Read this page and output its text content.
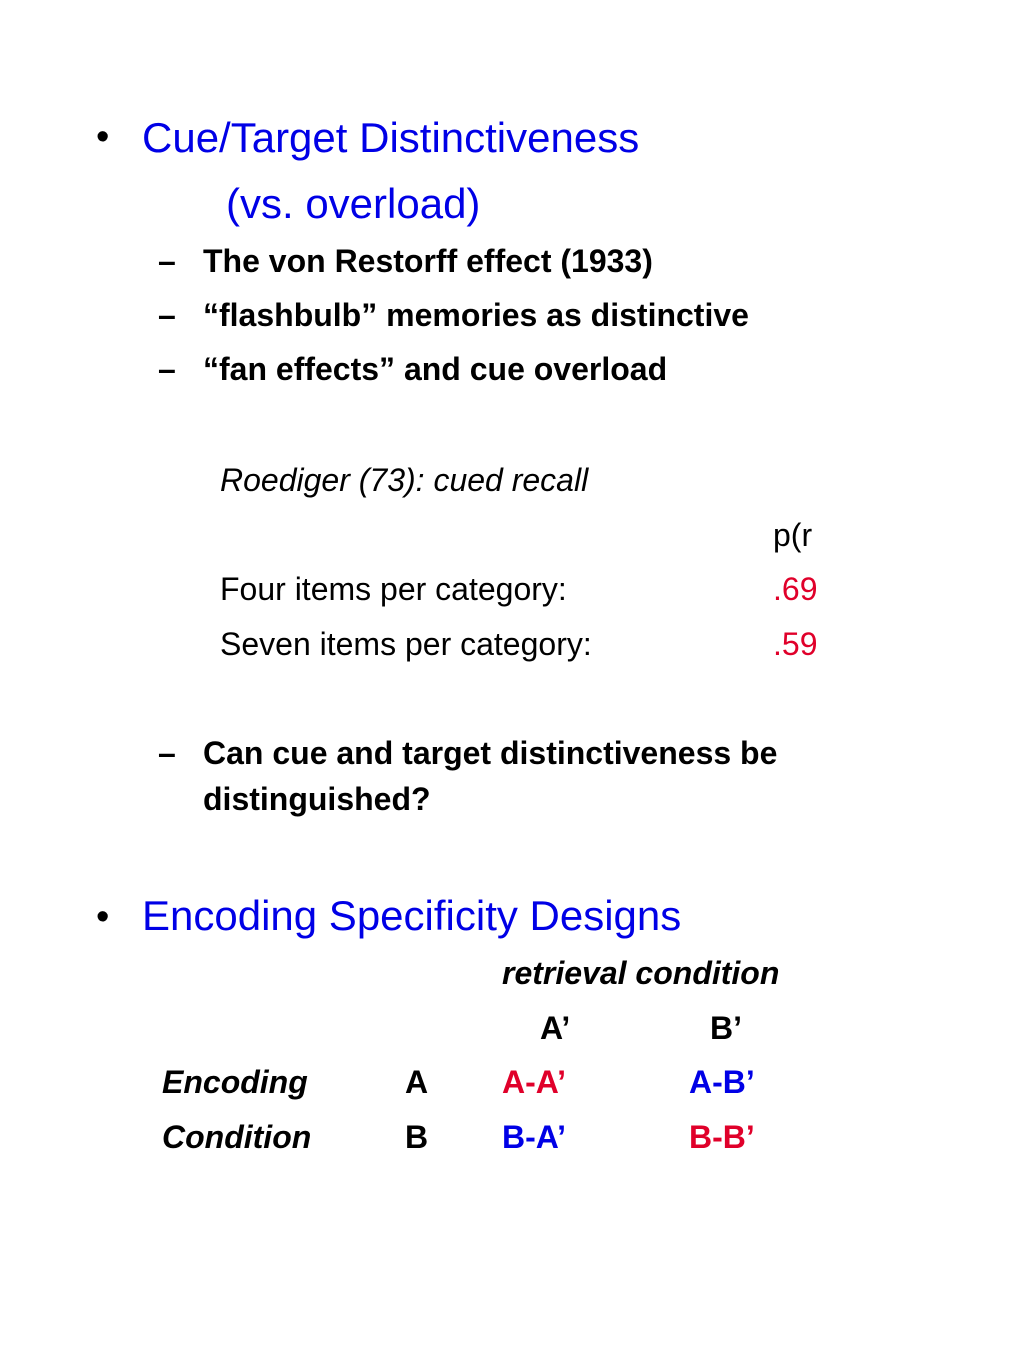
• Cue/Target Distinctiveness
(vs. overload)
– The von Restorff effect (1933)
– “flashbulb” memories as distinctive
– “fan effects” and cue overload
Roediger (73): cued recall
p(r
Four items per category:	.69
Seven items per category:	.59
– Can cue and target distinctiveness be
distinguished?
• Encoding Specificity Designs
retrieval condition
A’	B’
Encoding	A A-A’	A-B’
Condition	B B-A’	B-B’
